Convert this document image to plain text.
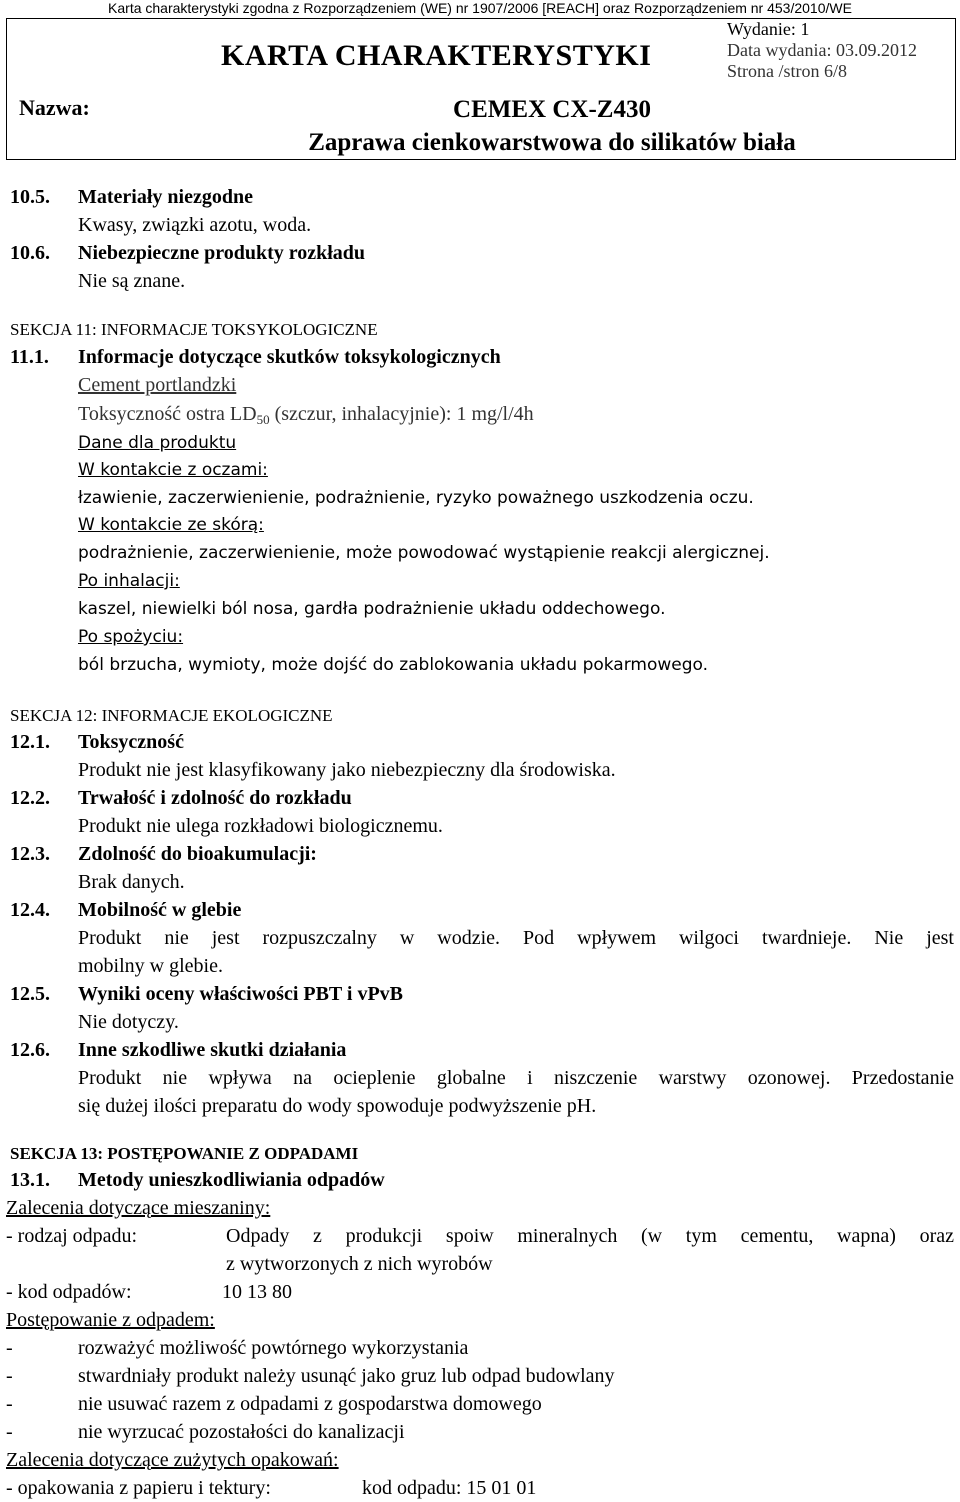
Karta charakterystyki zgodna z Rozporządzeniem (WE) nr 1907/2006 [REACH] oraz Rozporządzeniem nr 453/2010/WE
Nazwa:
KARTA CHARAKTERYSTYKI
Wydanie: 1
Data wydania: 03.09.2012
Strona /stron 6/8
CEMEX CX-Z430
Zaprawa cienkowarstwowa do silikatów biała
10.5. Materiały niezgodne
Kwasy, związki azotu, woda.
10.6. Niebezpieczne produkty rozkładu
Nie są znane.
SEKCJA 11: INFORMACJE TOKSYKOLOGICZNE
11.1. Informacje dotyczące skutków toksykologicznych
Cement portlandzki
Toksyczność ostra $LD_{50}$ (szczur, inhalacyjnie): 1 mg/l/4h
Dane dla produktu
W kontakcie z oczami:
łzawienie, zaczerwienienie, podrażnienie, ryzyko poważnego uszkodzenia oczu.
W kontakcie ze skórą:
podrażnienie, zaczerwienienie, może powodować wystąpienie reakcji alergicznej.
Po inhalacji:
kaszel, niewielki ból nosa, gardła podrażnienie układu oddechowego.
Po spożyciu:
ból brzucha, wymioty, może dojść do zablokowania układu pokarmowego.
SEKCJA 12: INFORMACJE EKOLOGICZNE
12.1. Toksyczność
Produkt nie jest klasyfikowany jako niebezpieczny dla środowiska.
12.2. Trwałość i zdolność do rozkładu
Produkt nie ulega rozkładowi biologicznemu.
12.3. Zdolność do bioakumulacji:
Brak danych.
12.4. Mobilność w glebie
Produkt nie jest rozpuszczalny w wodzie. Pod wpływem wilgoci twardnieje. Nie jest
mobilny w glebie.
12.5. Wyniki oceny właściwości PBT i vPvB
Nie dotyczy.
12.6. Inne szkodliwe skutki działania
Produkt nie wpływa na ocieplenie globalne i niszczenie warstwy ozonowej. Przedostanie
się dużej ilości preparatu do wody spowoduje podwyższenie pH.
SEKCJA 13: POSTĘPOWANIE Z ODPADAMI
13.1. Metody unieszkodliwiania odpadów
Zalecenia dotyczące mieszaniny:
- rodzaj odpadu:	Odpady z produkcji spoiw mineralnych (w tym cementu, wapna) oraz
z wytworzonych z nich wyrobów
- kod odpadów:	10 13 80
Postępowanie z odpadem:
-	rozważyć możliwość powtórnego wykorzystania
-	stwardniały produkt należy usunąć jako gruz lub odpad budowlany
-	nie usuwać razem z odpadami z gospodarstwa domowego
-	nie wyrzucać pozostałości do kanalizacji
Zalecenia dotyczące zużytych opakowań:
- opakowania z papieru i tektury:	kod odpadu: 15 01 01
